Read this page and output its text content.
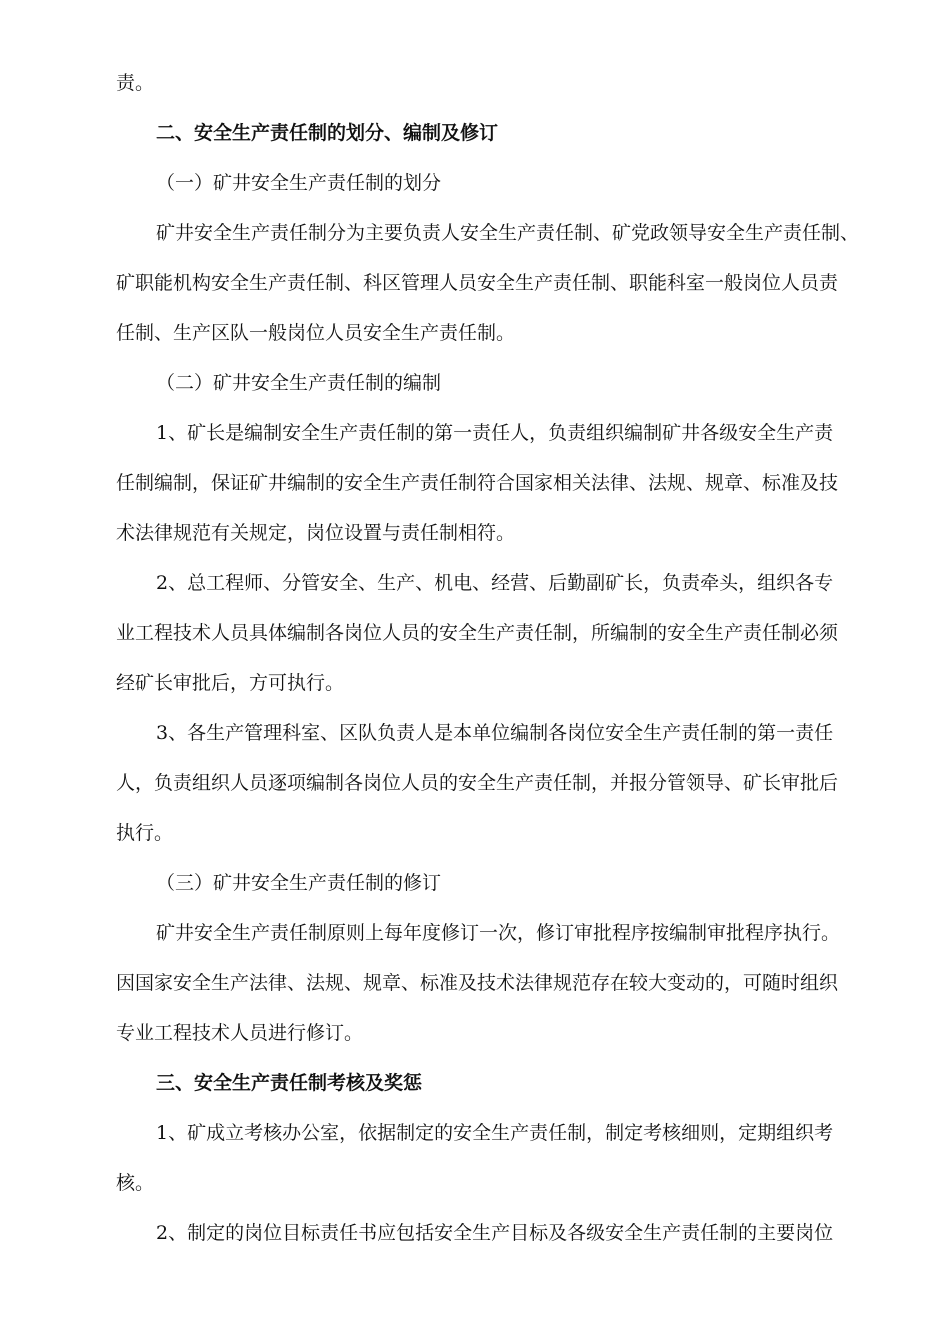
责。
二、安全生产责任制的划分、编制及修订
（一）矿井安全生产责任制的划分
矿井安全生产责任制分为主要负责人安全生产责任制、矿党政领导安全生产责任制、
矿职能机构安全生产责任制、科区管理人员安全生产责任制、职能科室一般岗位人员责
任制、生产区队一般岗位人员安全生产责任制。
（二）矿井安全生产责任制的编制
1、矿长是编制安全生产责任制的第一责任人，负责组织编制矿井各级安全生产责
任制编制，保证矿井编制的安全生产责任制符合国家相关法律、法规、规章、标准及技
术法律规范有关规定，岗位设置与责任制相符。
2、总工程师、分管安全、生产、机电、经营、后勤副矿长，负责牵头，组织各专
业工程技术人员具体编制各岗位人员的安全生产责任制，所编制的安全生产责任制必须
经矿长审批后，方可执行。
3、各生产管理科室、区队负责人是本单位编制各岗位安全生产责任制的第一责任
人，负责组织人员逐项编制各岗位人员的安全生产责任制，并报分管领导、矿长审批后
执行。
（三）矿井安全生产责任制的修订
矿井安全生产责任制原则上每年度修订一次，修订审批程序按编制审批程序执行。
因国家安全生产法律、法规、规章、标准及技术法律规范存在较大变动的，可随时组织
专业工程技术人员进行修订。
三、安全生产责任制考核及奖惩
1、矿成立考核办公室，依据制定的安全生产责任制，制定考核细则，定期组织考
核。
2、制定的岗位目标责任书应包括安全生产目标及各级安全生产责任制的主要岗位
